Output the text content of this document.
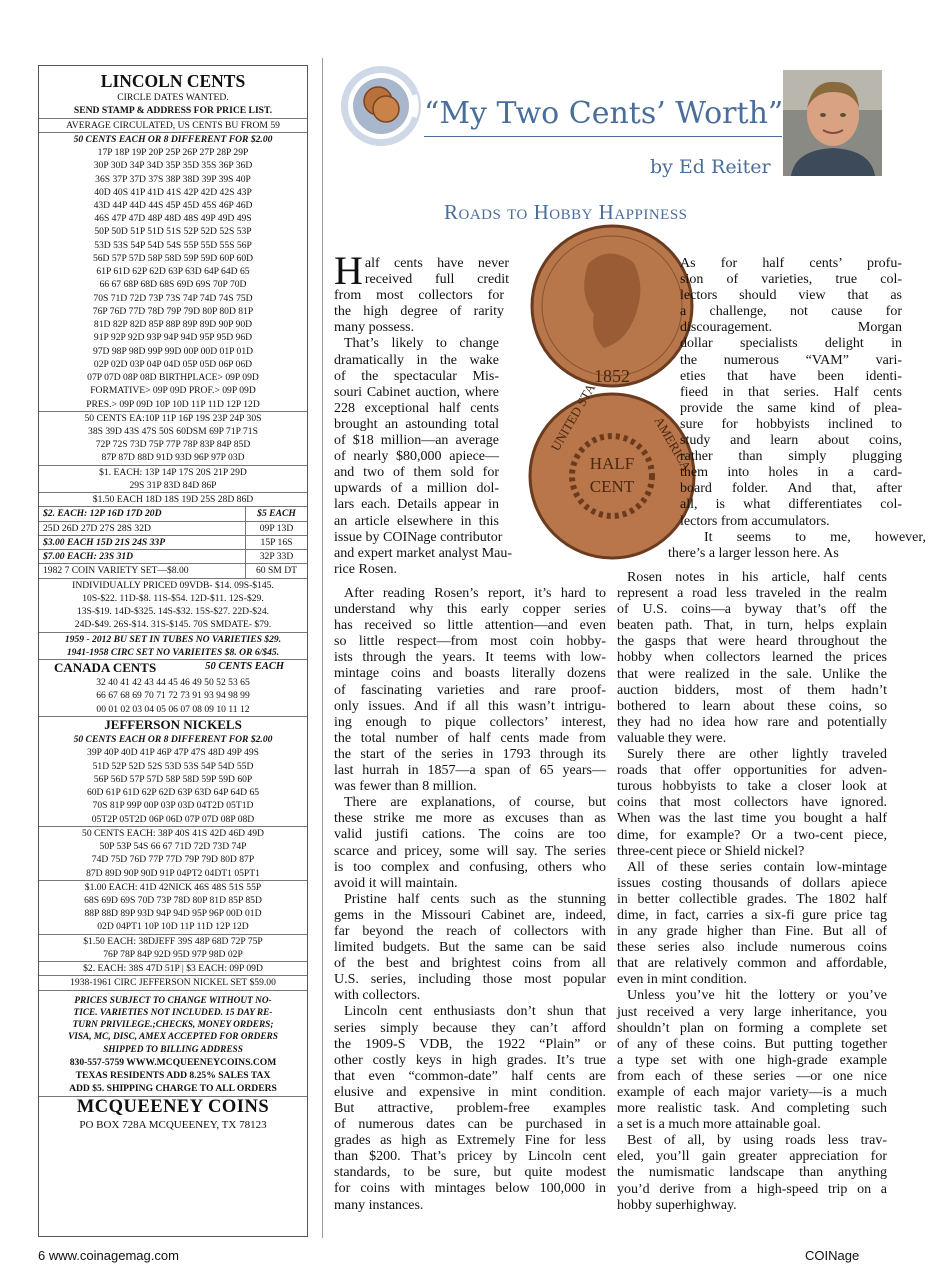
LINCOLN CENTS
CIRCLE DATES WANTED.
SEND STAMP & ADDRESS FOR PRICE LIST.
AVERAGE CIRCULATED, US CENTS BU FROM 59
50 CENTS EACH OR 8 DIFFERENT FOR $2.00
17P 18P 19P 20P 25P 26P 27P 28P 29P
30P 30D 34P 34D 35P 35D 35S 36P 36D
36S 37P 37D 37S 38P 38D 39P 39S 40P
40D 40S 41P 41D 41S 42P 42D 42S 43P
43D 44P 44D 44S 45P 45D 45S 46P 46D
46S 47P 47D 48P 48D 48S 49P 49D 49S
50P 50D 51P 51D 51S 52P 52D 52S 53P
53D 53S 54P 54D 54S 55P 55D 55S 56P
56D 57P 57D 58P 58D 59P 59D 60P 60D
61P 61D 62P 62D 63P 63D 64P 64D 65
66 67 68P 68D 68S 69D 69S 70P 70D
70S 71D 72D 73P 73S 74P 74D 74S 75D
76P 76D 77D 78D 79P 79D 80P 80D 81P
81D 82P 82D 85P 88P 89P 89D 90P 90D
91P 92P 92D 93P 94P 94D 95P 95D 96D
97D 98P 98D 99P 99D 00P 00D 01P 01D
02P 02D 03P 04P 04D 05P 05D 06P 06D
07P 07D 08P 08D BIRTHPLACE> 09P 09D
FORMATIVE> 09P 09D PROF.> 09P 09D
PRES.> 09P 09D 10P 10D 11P 11D 12P 12D
50 CENTS EA:10P 11P 16P 19S 23P 24P 30S
38S 39D 43S 47S 50S 60DSM 69P 71P 71S
72P 72S 73D 75P 77P 78P 83P 84P 85D
87P 87D 88D 91D 93D 96P 97P 03D
$1. EACH: 13P 14P 17S 20S 21P 29D
29S 31P 83D 84D 86P
$1.50 EACH 18D 18S 19D 25S 28D 86D
$2. EACH: 12P 16D 17D 20D	$5 EACH
25D 26D 27D 27S 28S 32D	09P 13D
$3.00 EACH 15D 21S 24S 33P	15P 16S
$7.00 EACH: 23S 31D	32P 33D
1982 7 COIN VARIETY SET—$8.00	60 SM DT
INDIVIDUALLY PRICED 09VDB- $14. 09S-$145.
10S-$22. 11D-$8. 11S-$54. 12D-$11. 12S-$29.
13S-$19. 14D-$325. 14S-$32. 15S-$27. 22D-$24.
24D-$49. 26S-$14. 31S-$145. 70S SMDATE- $79.
1959 - 2012 BU SET IN TUBES NO VARIETIES $29.
1941-1958 CIRC SET NO VARIEITES $8. OR 6/$45.
CANADA CENTS	50 CENTS EACH
32 40 41 42 43 44 45 46 49 50 52 53 65
66 67 68 69 70 71 72 73 91 93 94 98 99
00 01 02 03 04 05 06 07 08 09 10 11 12
JEFFERSON NICKELS
50 CENTS EACH OR 8 DIFFERENT FOR $2.00
39P 40P 40D 41P 46P 47P 47S 48D 49P 49S
51D 52P 52D 52S 53D 53S 54P 54D 55D
56P 56D 57P 57D 58P 58D 59P 59D 60P
60D 61P 61D 62P 62D 63P 63D 64P 64D 65
70S 81P 99P 00P 03P 03D 04T2D 05T1D
05T2P 05T2D 06P 06D 07P 07D 08P 08D
50 CENTS EACH: 38P 40S 41S 42D 46D 49D
50P 53P 54S 66 67 71D 72D 73D 74P
74D 75D 76D 77P 77D 79P 79D 80D 87P
87D 89D 90P 90D 91P 04PT2 04DT1 05PT1
$1.00 EACH: 41D 42NICK 46S 48S 51S 55P
68S 69D 69S 70D 73P 78D 80P 81D 85P 85D
88P 88D 89P 93D 94P 94D 95P 96P 00D 01D
02D 04PT1 10P 10D 11P 11D 12P 12D
$1.50 EACH: 38DJEFF 39S 48P 68D 72P 75P
76P 78P 84P 92D 95D 97P 98D 02P
$2. EACH: 38S 47D 51P | $3 EACH: 09P 09D
1938-1961 CIRC JEFFERSON NICKEL SET $59.00
PRICES SUBJECT TO CHANGE WITHOUT NO-
TICE. VARIETIES NOT INCLUDED. 15 DAY RE-
TURN PRIVILEGE.;CHECKS, MONEY ORDERS;
VISA, MC, DISC, AMEX ACCEPTED FOR ORDERS
SHIPPED TO BILLING ADDRESS
830-557-5759 WWW.MCQUEENEYCOINS.COM
TEXAS RESIDENTS ADD 8.25% SALES TAX
ADD $5. SHIPPING CHARGE TO ALL ORDERS
MCQUEENEY COINS
PO BOX 728A MCQUEENEY, TX 78123
“My Two Cents’ Worth”
by Ed Reiter
Roads to Hobby Happiness
1852
HALF
CENT
UNITED STA	AMERICA
H alf cents have never
received full credit
from most collectors for
the high degree of rarity
many possess.
That’s likely to change
dramatically in the wake
of the spectacular Mis-
souri Cabinet auction, where
228 exceptional half cents
brought an astounding total
of $18 million—an average
of nearly $80,000 apiece—
and two of them sold for
upwards of a million dol-
lars each. Details appear in
an article elsewhere in this
issue by COINage contributor
and expert market analyst Mau-
rice Rosen.
After reading Rosen’s report, it’s hard to
understand why this early copper series
has received so little attention—and even
so little respect—from most coin hobby-
ists through the years. It teems with low-
mintage coins and boasts literally dozens
of fascinating varieties and rare proof-
only issues. And if all this wasn’t intrigu-
ing enough to pique collectors’ interest,
the total number of half cents made from
the start of the series in 1793 through its
last hurrah in 1857—a span of 65 years—
was fewer than 8 million.
There are explanations, of course, but
these strike me more as excuses than as
valid justifi cations. The coins are too
scarce and pricey, some will say. The series
is too complex and confusing, others who
avoid it will maintain.
Pristine half cents such as the stunning
gems in the Missouri Cabinet are, indeed,
far beyond the reach of collectors with
limited budgets. But the same can be said
of the best and brightest coins from all
U.S. series, including those most popular
with collectors.
Lincoln cent enthusiasts don’t shun that
series simply because they can’t afford
the 1909-S VDB, the 1922 “Plain” or
other costly keys in high grades. It’s true
that even “common-date” half cents are
elusive and expensive in mint condition.
But attractive, problem-free examples
of numerous dates can be purchased in
grades as high as Extremely Fine for less
than $200. That’s pricey by Lincoln cent
standards, to be sure, but quite modest
for coins with mintages below 100,000 in
many instances.
As for half cents’ profu-
sion of varieties, true col-
lectors should view that as
a challenge, not cause for
discouragement. Morgan
dollar specialists delight in
the numerous “VAM” vari-
eties that have been identi-
fieed in that series. Half cents
provide the same kind of plea-
sure for hobbyists inclined to
study and learn about coins,
rather than simply plugging
them into holes in a card-
board folder. And that, after
all, is what differentiates col-
lectors from accumulators.
It seems to me, however,
there’s a larger lesson here. As
Rosen notes in his article, half cents
represent a road less traveled in the realm
of U.S. coins—a byway that’s off the
beaten path. That, in turn, helps explain
the gasps that were heard throughout the
hobby when collectors learned the prices
that were realized in the sale. Unlike the
auction bidders, most of them hadn’t
bothered to learn about these coins, so
they had no idea how rare and potentially
valuable they were.
Surely there are other lightly traveled
roads that offer opportunities for adven-
turous hobbyists to take a closer look at
coins that most collectors have ignored.
When was the last time you bought a half
dime, for example? Or a two-cent piece,
three-cent piece or Shield nickel?
All of these series contain low-mintage
issues costing thousands of dollars apiece
in better collectible grades. The 1802 half
dime, in fact, carries a six-fi gure price tag
in any grade higher than Fine. But all of
these series also include numerous coins
that are relatively common and affordable,
even in mint condition.
Unless you’ve hit the lottery or you’ve
just received a very large inheritance, you
shouldn’t plan on forming a complete set
of any of these coins. But putting together
a type set with one high-grade example
from each of these series —or one nice
example of each major variety—is a much
more realistic task. And completing such
a set is a much more attainable goal.
Best of all, by using roads less trav-
eled, you’ll gain greater appreciation for
the numismatic landscape than anything
you’d derive from a high-speed trip on a
hobby superhighway.
6 www.coinagemag.com	COINage
